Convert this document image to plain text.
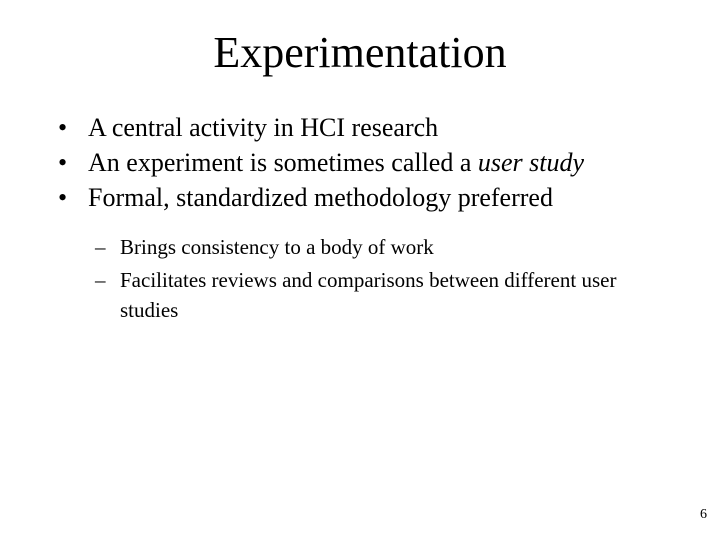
Experimentation
• A central activity in HCI research
• An experiment is sometimes called a user study
• Formal, standardized methodology preferred
– Brings consistency to a body of work
– Facilitates reviews and comparisons between different user studies
6
